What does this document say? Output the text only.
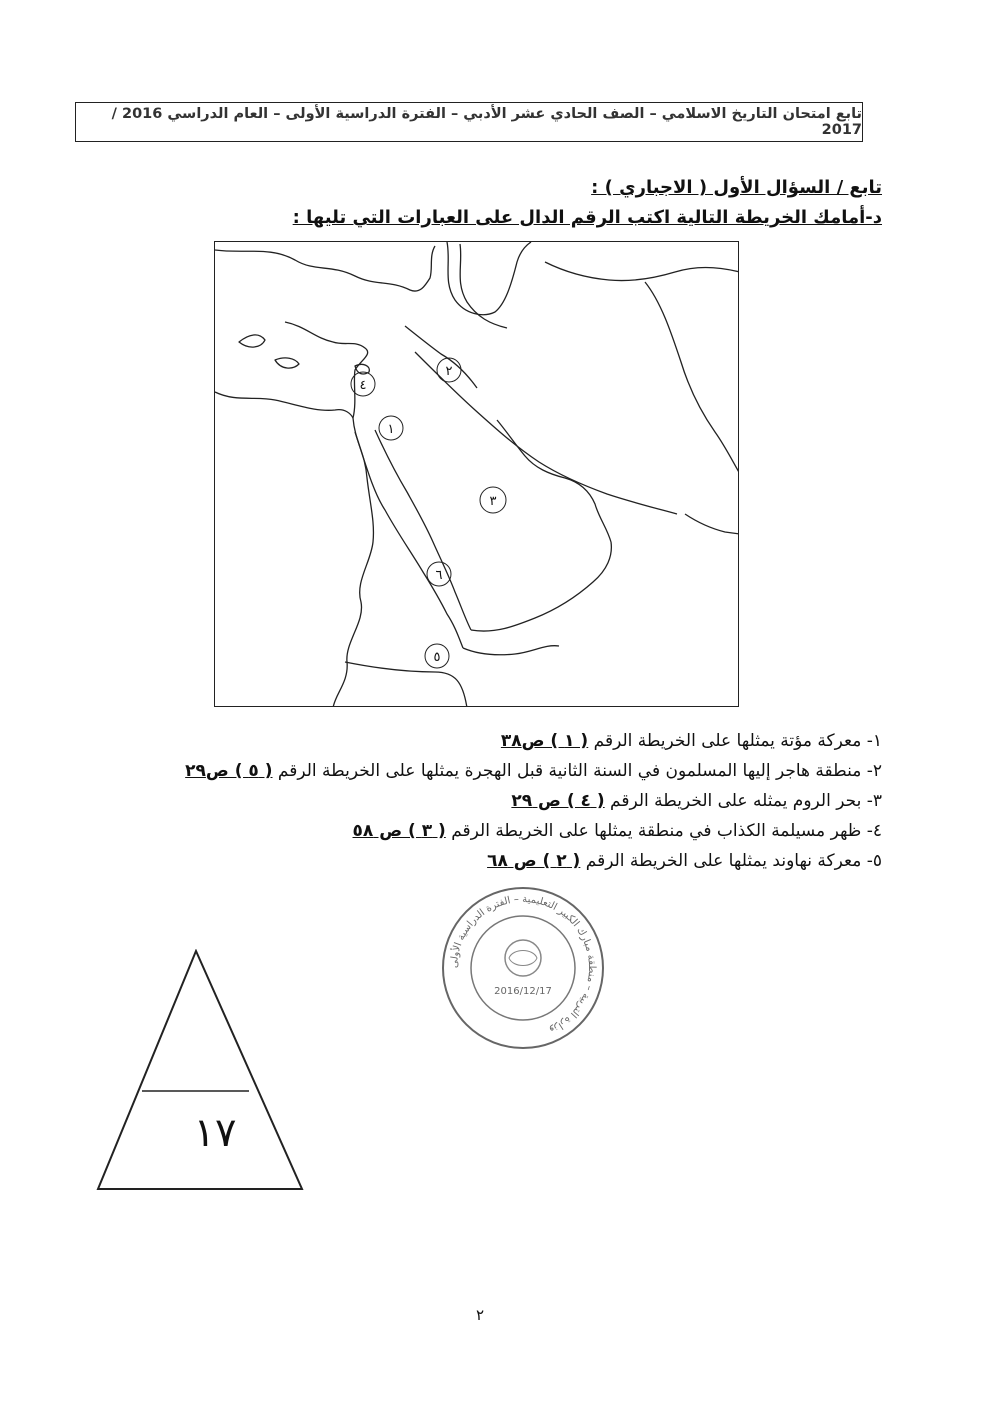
تابع امتحان التاريخ الاسلامي – الصف الحادي عشر الأدبي – الفترة الدراسية الأولى – العام الدراسي 2016 / 2017
تابع / السؤال الأول ( الاجباري ) :
د-أمامك الخريطة التالية اكتب الرقم الدال على العبارات التي تليها :
١
٢
٣
٤
٥
٦
١- معركة مؤتة يمثلها على الخريطة الرقم ( ١ ) ص٣٨
٢- منطقة هاجر إليها المسلمون في السنة الثانية قبل الهجرة يمثلها على الخريطة الرقم ( ٥ ) ص٢٩
٣- بحر الروم يمثله على الخريطة الرقم ( ٤ ) ص ٢٩
٤- ظهر مسيلمة الكذاب في منطقة يمثلها على الخريطة الرقم ( ٣ ) ص ٥٨
٥- معركة نهاوند يمثلها على الخريطة الرقم ( ٢ ) ص ٦٨
وزارة التربية – منطقة مبارك الكبير التعليمية – الفترة الدراسية الأولى
2016/12/17
١٧
٢
